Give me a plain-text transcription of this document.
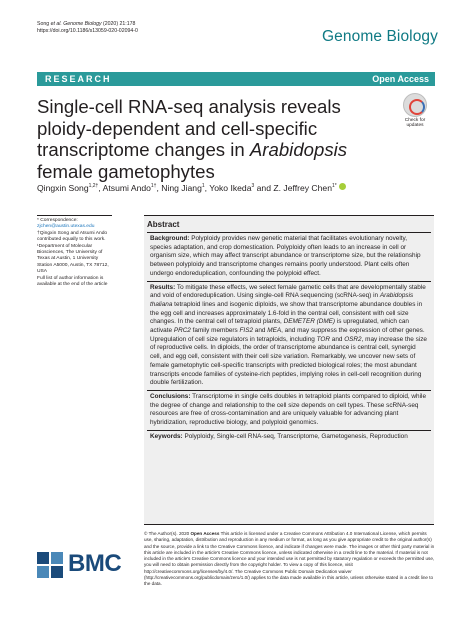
Song et al. Genome Biology (2020) 21:178
https://doi.org/10.1186/s13059-020-02094-0	Genome Biology
RESEARCH	Open Access
Single-cell RNA-seq analysis reveals ploidy-dependent and cell-specific transcriptome changes in Arabidopsis female gametophytes
Check for
updates
Qingxin Song$^{1,2\dagger}$, Atsumi Ando$^{1\dagger}$, Ning Jiang$^1$, Yoko Ikeda$^3$ and Z. Jeffrey Chen$^{1*}$
* Correspondence: zjchen@austin.utexas.edu
†Qingxin Song and Atsumi Ando contributed equally to this work.
¹Department of Molecular Biosciences, The University of Texas at Austin, 1 University Station A5000, Austin, TX 78712, USA
Full list of author information is available at the end of the article
Abstract
Background: Polyploidy provides new genetic material that facilitates evolutionary novelty, species adaptation, and crop domestication. Polyploidy often leads to an increase in cell or organism size, which may affect transcript abundance or transcriptome size, but the relationship between polyploidy and transcriptome changes remains poorly understood. Plant cells often undergo endoreduplication, confounding the polyploid effect.
Results: To mitigate these effects, we select female gametic cells that are developmentally stable and void of endoreduplication. Using single-cell RNA sequencing (scRNA-seq) in Arabidopsis thaliana tetraploid lines and isogenic diploids, we show that transcriptome abundance doubles in the egg cell and increases approximately 1.6-fold in the central cell, consistent with cell size changes. In the central cell of tetraploid plants, DEMETER (DME) is upregulated, which can activate PRC2 family members FIS2 and MEA, and may suppress the expression of other genes. Upregulation of cell size regulators in tetraploids, including TOR and OSR2, may increase the size of reproductive cells. In diploids, the order of transcriptome abundance is central cell, synergid cell, and egg cell, consistent with their cell size variation. Remarkably, we uncover new sets of female gametophytic cell-specific transcripts with predicted biological roles; the most abundant transcripts encode families of cysteine-rich peptides, implying roles in cell-cell recognition during double fertilization.
Conclusions: Transcriptome in single cells doubles in tetraploid plants compared to diploid, while the degree of change and relationship to the cell size depends on cell types. These scRNA-seq resources are free of cross-contamination and are uniquely valuable for advancing plant hybridization, reproductive biology, and polyploid genomics.
Keywords: Polyploidy, Single-cell RNA-seq, Transcriptome, Gametogenesis, Reproduction
BMC
© The Author(s). 2020 Open Access This article is licensed under a Creative Commons Attribution 4.0 International License, which permits use, sharing, adaptation, distribution and reproduction in any medium or format, as long as you give appropriate credit to the original author(s) and the source, provide a link to the Creative Commons licence, and indicate if changes were made. The images or other third party material in this article are included in the article's Creative Commons licence, unless indicated otherwise in a credit line to the material. If material is not included in the article's Creative Commons licence and your intended use is not permitted by statutory regulation or exceeds the permitted use, you will need to obtain permission directly from the copyright holder. To view a copy of this licence, visit http://creativecommons.org/licenses/by/4.0/. The Creative Commons Public Domain Dedication waiver (http://creativecommons.org/publicdomain/zero/1.0/) applies to the data made available in this article, unless otherwise stated in a credit line to the data.
